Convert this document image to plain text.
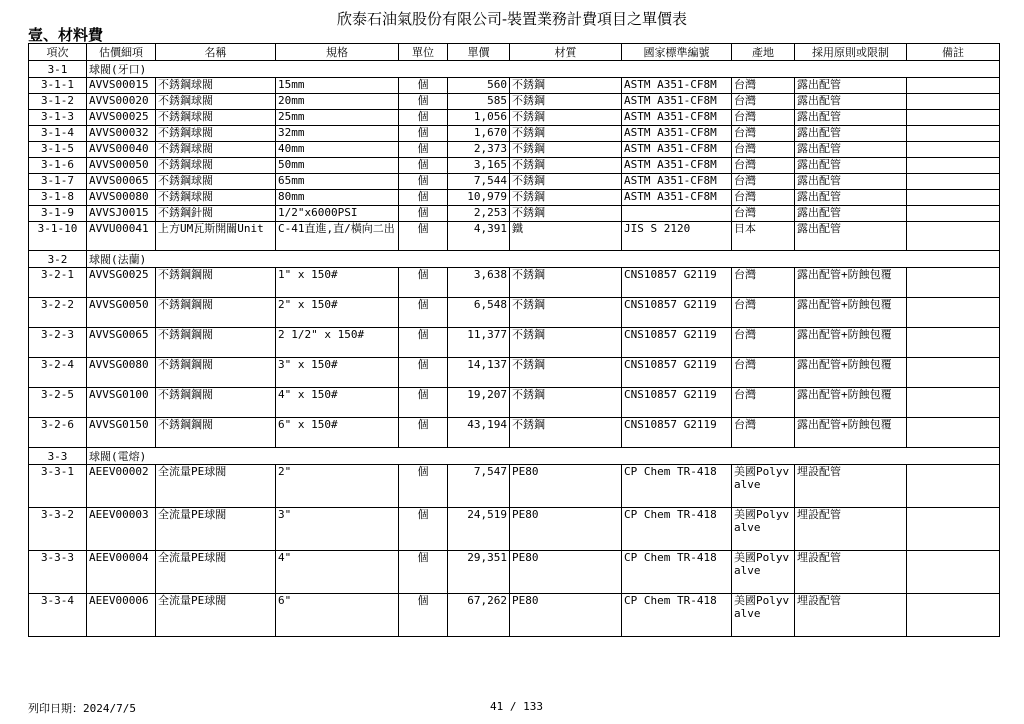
欣泰石油氣股份有限公司-裝置業務計費項目之單價表
壹、材料費
項次	估價細項	名稱	規格	單位	單價	材質	國家標準編號	產地	採用原則或限制	備註
3-1	球閥(牙口)									
3-1-1	AVVS00015	不銹鋼球閥	15mm	個	560	不銹鋼	ASTM A351-CF8M	台灣	露出配管	
3-1-2	AVVS00020	不銹鋼球閥	20mm	個	585	不銹鋼	ASTM A351-CF8M	台灣	露出配管	
3-1-3	AVVS00025	不銹鋼球閥	25mm	個	1,056	不銹鋼	ASTM A351-CF8M	台灣	露出配管	
3-1-4	AVVS00032	不銹鋼球閥	32mm	個	1,670	不銹鋼	ASTM A351-CF8M	台灣	露出配管	
3-1-5	AVVS00040	不銹鋼球閥	40mm	個	2,373	不銹鋼	ASTM A351-CF8M	台灣	露出配管	
3-1-6	AVVS00050	不銹鋼球閥	50mm	個	3,165	不銹鋼	ASTM A351-CF8M	台灣	露出配管	
3-1-7	AVVS00065	不銹鋼球閥	65mm	個	7,544	不銹鋼	ASTM A351-CF8M	台灣	露出配管	
3-1-8	AVVS00080	不銹鋼球閥	80mm	個	10,979	不銹鋼	ASTM A351-CF8M	台灣	露出配管	
3-1-9	AVVSJ0015	不銹鋼針閥	1/2"x6000PSI	個	2,253	不銹鋼		台灣	露出配管	
3-1-10	AVVU00041	上方UM瓦斯開關Unit	C-41直進,直/橫向二出	個	4,391	鐵	JIS S 2120	日本	露出配管	
3-2	球閥(法蘭)									
3-2-1	AVVSG0025	不銹鋼鋼閥	1" x 150#	個	3,638	不銹鋼	CNS10857 G2119	台灣	露出配管+防蝕包覆	
3-2-2	AVVSG0050	不銹鋼鋼閥	2" x 150#	個	6,548	不銹鋼	CNS10857 G2119	台灣	露出配管+防蝕包覆	
3-2-3	AVVSG0065	不銹鋼鋼閥	2 1/2" x 150#	個	11,377	不銹鋼	CNS10857 G2119	台灣	露出配管+防蝕包覆	
3-2-4	AVVSG0080	不銹鋼鋼閥	3" x 150#	個	14,137	不銹鋼	CNS10857 G2119	台灣	露出配管+防蝕包覆	
3-2-5	AVVSG0100	不銹鋼鋼閥	4" x 150#	個	19,207	不銹鋼	CNS10857 G2119	台灣	露出配管+防蝕包覆	
3-2-6	AVVSG0150	不銹鋼鋼閥	6" x 150#	個	43,194	不銹鋼	CNS10857 G2119	台灣	露出配管+防蝕包覆	
3-3	球閥(電熔)									
3-3-1	AEEV00002	全流量PE球閥	2"	個	7,547	PE80	CP Chem TR-418	美國Polyvalve	埋設配管	
3-3-2	AEEV00003	全流量PE球閥	3"	個	24,519	PE80	CP Chem TR-418	美國Polyvalve	埋設配管	
3-3-3	AEEV00004	全流量PE球閥	4"	個	29,351	PE80	CP Chem TR-418	美國Polyvalve	埋設配管	
3-3-4	AEEV00006	全流量PE球閥	6"	個	67,262	PE80	CP Chem TR-418	美國Polyvalve	埋設配管	
列印日期：2024/7/5	41 / 133
